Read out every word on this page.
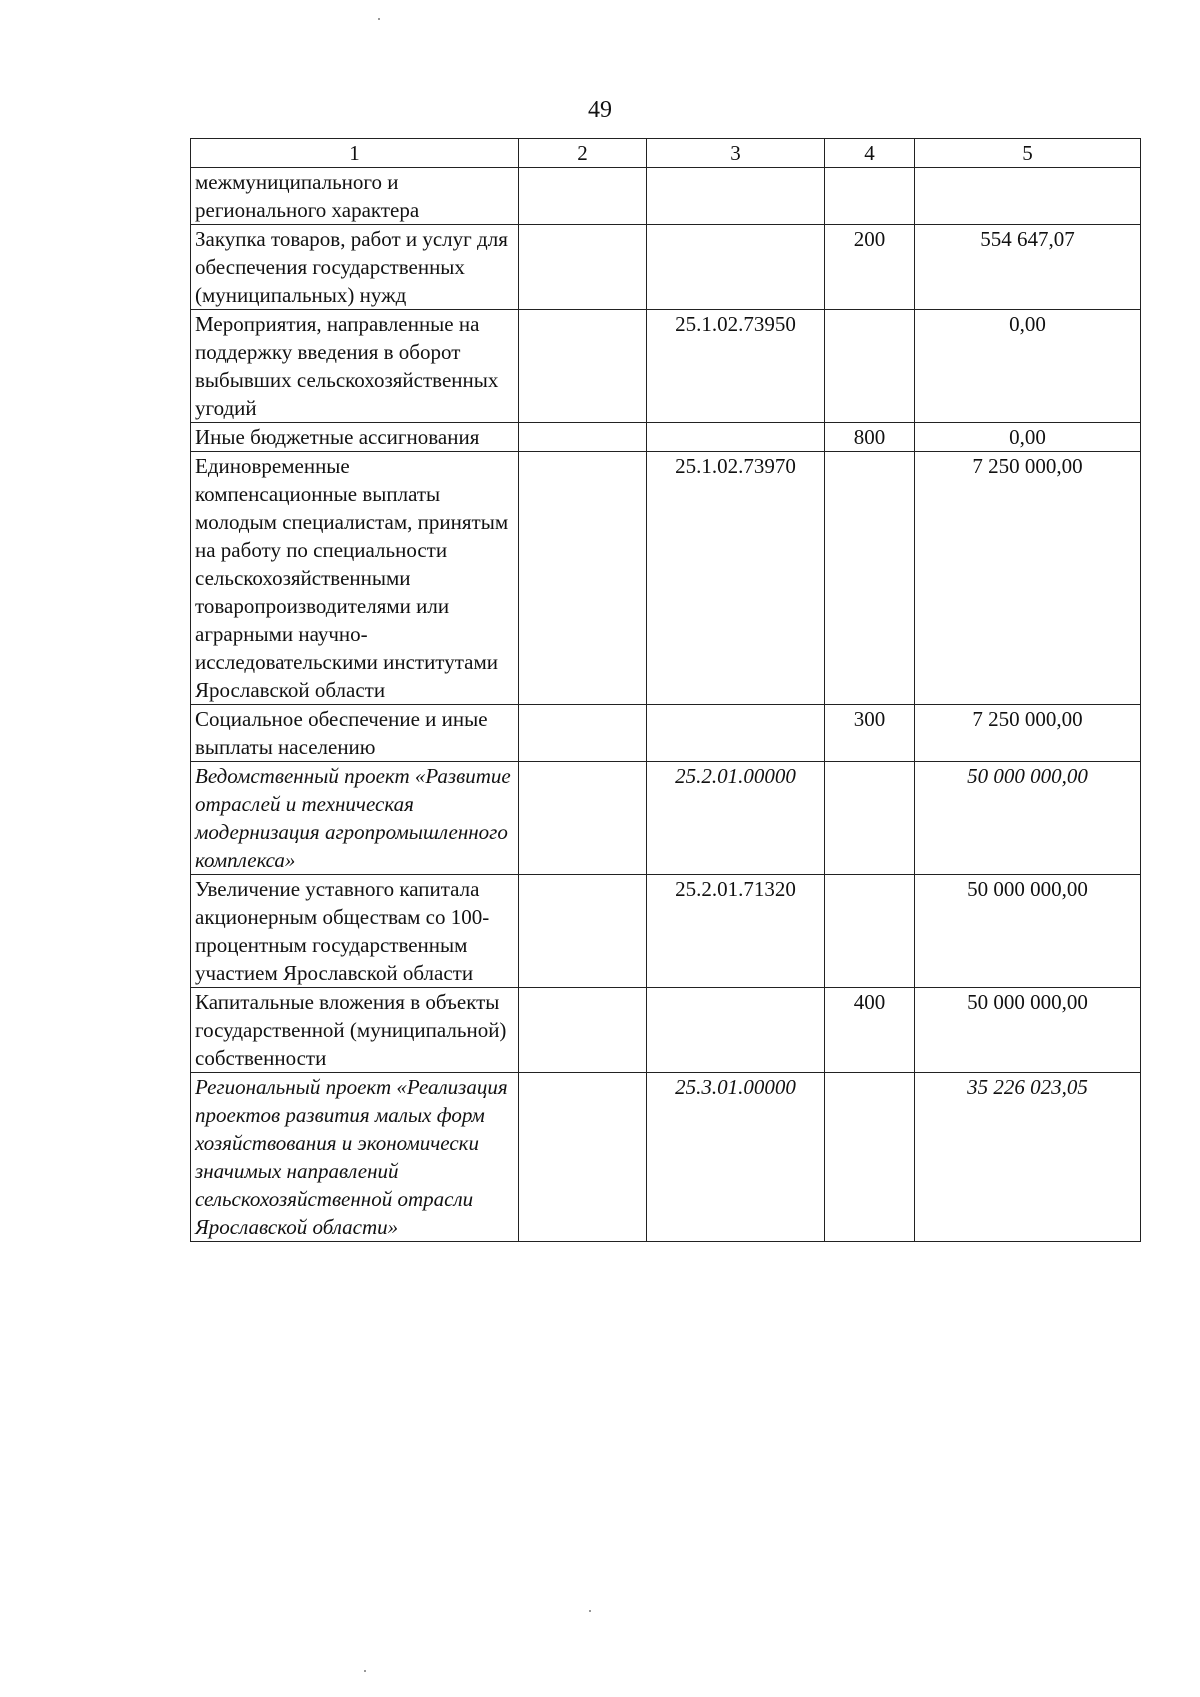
49
1	2	3	4	5
межмуниципального и регионального характера				
Закупка товаров, работ и услуг для обеспечения государственных (муниципальных) нужд			200	554 647,07
Мероприятия, направленные на поддержку введения в оборот выбывших сельскохозяйственных угодий		25.1.02.73950		0,00
Иные бюджетные ассигнования			800	0,00
Единовременные компенсационные выплаты молодым специалистам, принятым на работу по специальности сельскохозяйственными товаропроизводителями или аграрными научно-исследовательскими институтами Ярославской области		25.1.02.73970		7 250 000,00
Социальное обеспечение и иные выплаты населению			300	7 250 000,00
Ведомственный проект «Развитие отраслей и техническая модернизация агропромышленного комплекса»		25.2.01.00000		50 000 000,00
Увеличение уставного капитала акционерным обществам со 100-процентным государственным участием Ярославской области		25.2.01.71320		50 000 000,00
Капитальные вложения в объекты государственной (муниципальной) собственности			400	50 000 000,00
Региональный проект «Реализация проектов развития малых форм хозяйствования и экономически значимых направлений сельскохозяйственной отрасли Ярославской области»		25.3.01.00000		35 226 023,05
